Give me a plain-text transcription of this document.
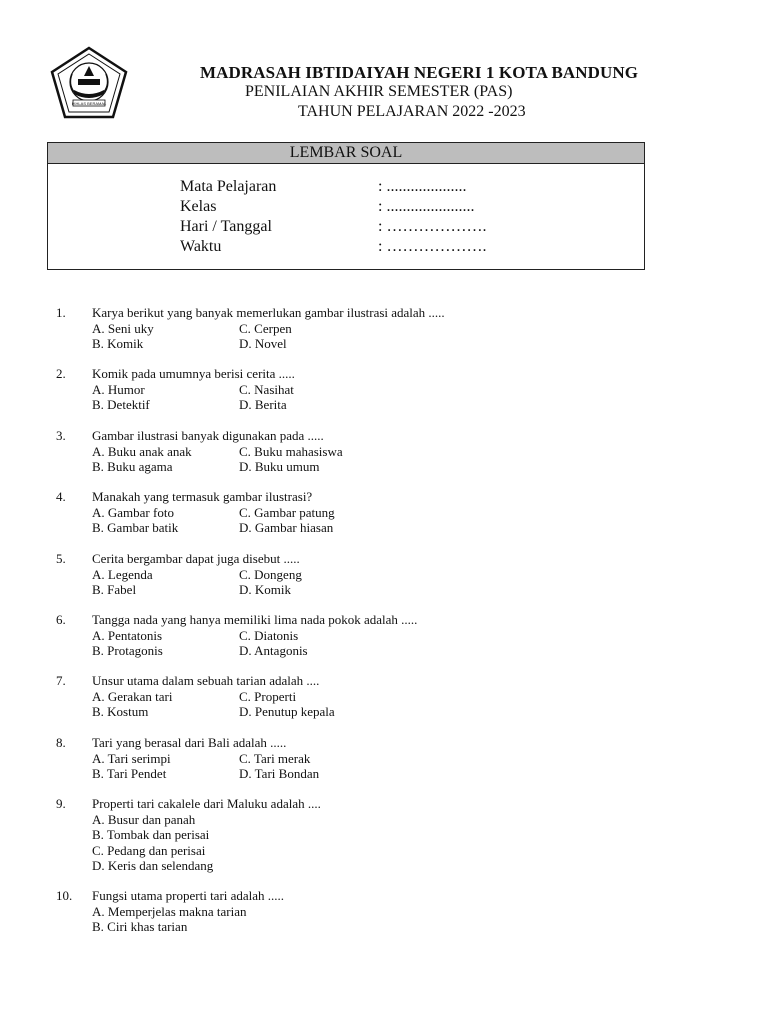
IKHLAS BERAMAL
MADRASAH IBTIDAIYAH NEGERI 1 KOTA BANDUNG
PENILAIAN AKHIR SEMESTER (PAS)
TAHUN PELAJARAN 2022 -2023
LEMBAR SOAL
Mata Pelajaran	: ....................
Kelas	: ......................
Hari / Tanggal	: ……………….
Waktu	: ……………….
1. Karya berikut yang banyak memerlukan gambar ilustrasi adalah .....
A. Seni uky	C. Cerpen
B. Komik	D. Novel
2. Komik pada umumnya berisi cerita .....
A. Humor	C. Nasihat
B. Detektif	D. Berita
3. Gambar ilustrasi banyak digunakan pada .....
A. Buku anak anak	C. Buku mahasiswa
B. Buku agama	D. Buku umum
4. Manakah yang termasuk gambar ilustrasi?
A. Gambar foto	C. Gambar patung
B. Gambar batik	D. Gambar hiasan
5. Cerita bergambar dapat juga disebut .....
A. Legenda	C. Dongeng
B. Fabel	D. Komik
6. Tangga nada yang hanya memiliki lima nada pokok adalah .....
A. Pentatonis	C. Diatonis
B. Protagonis	D. Antagonis
7. Unsur utama dalam sebuah tarian adalah ....
A. Gerakan tari	C. Properti
B. Kostum	D. Penutup kepala
8. Tari yang berasal dari Bali adalah .....
A. Tari serimpi	C. Tari merak
B. Tari Pendet	D. Tari Bondan
9. Properti tari cakalele dari Maluku adalah ....
A. Busur dan panah
B. Tombak dan perisai
C. Pedang dan perisai
D. Keris dan selendang
10. Fungsi utama properti tari adalah .....
A. Memperjelas makna tarian
B. Ciri khas tarian
